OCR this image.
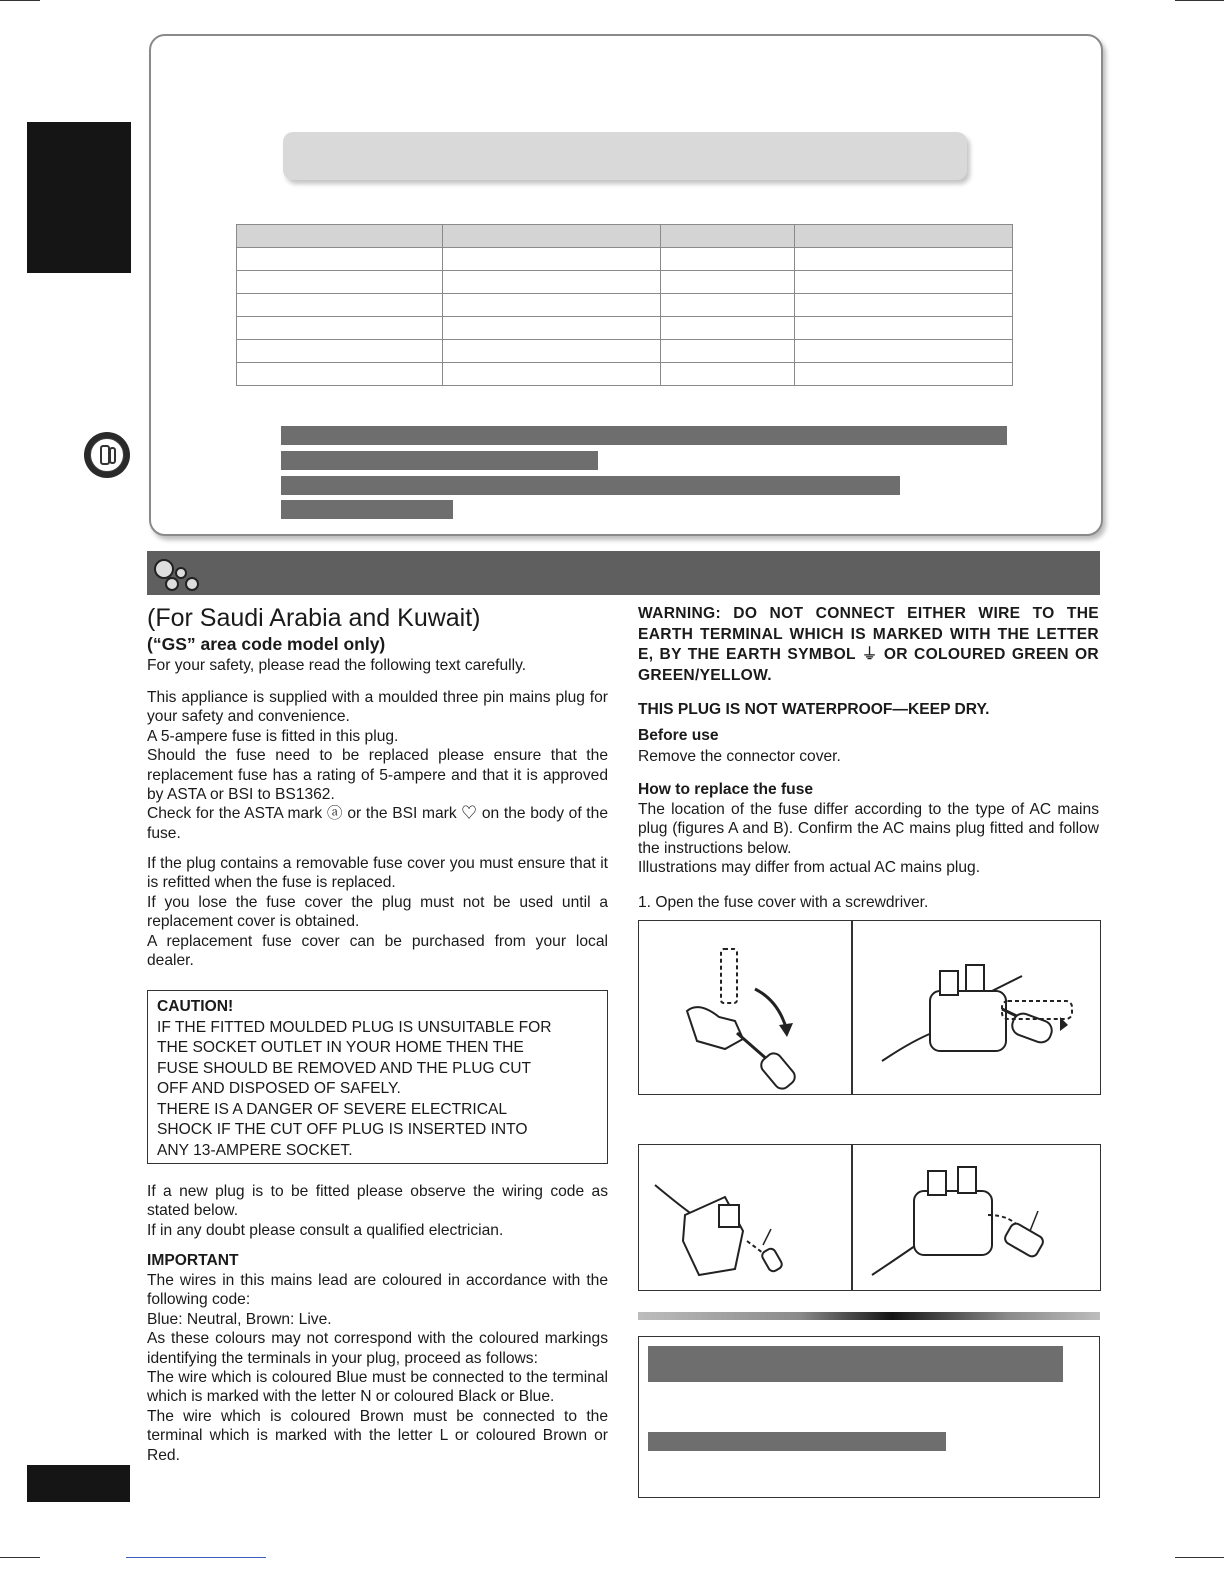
(For Saudi Arabia and Kuwait)
(“GS” area code model only)
For your safety, please read the following text carefully.
This appliance is supplied with a moulded three pin mains plug for your safety and convenience.
A 5-ampere fuse is fitted in this plug.
Should the fuse need to be replaced please ensure that the replacement fuse has a rating of 5-ampere and that it is approved by ASTA or BSI to BS1362.
Check for the ASTA mark ⓐ or the BSI mark ♡ on the body of the fuse.
If the plug contains a removable fuse cover you must ensure that it is refitted when the fuse is replaced.
If you lose the fuse cover the plug must not be used until a replacement cover is obtained.
A replacement fuse cover can be purchased from your local dealer.
CAUTION!
IF THE FITTED MOULDED PLUG IS UNSUITABLE FOR
THE SOCKET OUTLET IN YOUR HOME THEN THE
FUSE SHOULD BE REMOVED AND THE PLUG CUT
OFF AND DISPOSED OF SAFELY.
THERE IS A DANGER OF SEVERE ELECTRICAL
SHOCK IF THE CUT OFF PLUG IS INSERTED INTO
ANY 13-AMPERE SOCKET.
If a new plug is to be fitted please observe the wiring code as stated below.
If in any doubt please consult a qualified electrician.
IMPORTANT
The wires in this mains lead are coloured in accordance with the following code:
Blue: Neutral, Brown: Live.
As these colours may not correspond with the coloured markings identifying the terminals in your plug, proceed as follows:
The wire which is coloured Blue must be connected to the terminal which is marked with the letter N or coloured Black or Blue.
The wire which is coloured Brown must be connected to the terminal which is marked with the letter L or coloured Brown or Red.
WARNING: DO NOT CONNECT EITHER WIRE TO THE EARTH TERMINAL WHICH IS MARKED WITH THE LETTER E, BY THE EARTH SYMBOL ⏚ OR COLOURED GREEN OR GREEN/YELLOW.
THIS PLUG IS NOT WATERPROOF—KEEP DRY.
Before use
Remove the connector cover.
How to replace the fuse
The location of the fuse differ according to the type of AC mains plug (figures A and B). Confirm the AC mains plug fitted and follow the instructions below.
Illustrations may differ from actual AC mains plug.
1. Open the fuse cover with a screwdriver.
